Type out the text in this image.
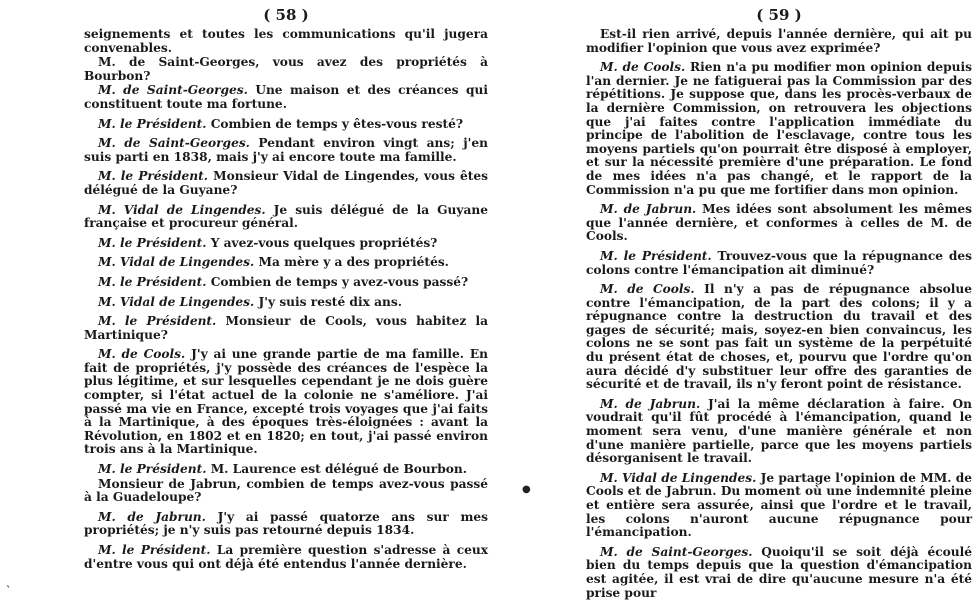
( 58 )

seignements et toutes les communications qu'il jugera convenables.

M. de Saint-Georges, vous avez des propriétés à Bourbon?

M. de Saint-Georges. Une maison et des créances qui constituent toute ma fortune.

M. le Président. Combien de temps y êtes-vous resté?

M. de Saint-Georges. Pendant environ vingt ans; j'en suis parti en 1838, mais j'y ai encore toute ma famille.

M. le Président. Monsieur Vidal de Lingendes, vous êtes délégué de la Guyane?

M. Vidal de Lingendes. Je suis délégué de la Guyane française et procureur général.

M. le Président. Y avez-vous quelques propriétés?

M. Vidal de Lingendes. Ma mère y a des propriétés.

M. le Président. Combien de temps y avez-vous passé?

M. Vidal de Lingendes. J'y suis resté dix ans.

M. le Président. Monsieur de Cools, vous habitez la Martinique?

M. de Cools. J'y ai une grande partie de ma famille. En fait de propriétés, j'y possède des créances de l'espèce la plus légitime, et sur lesquelles cependant je ne dois guère compter, si l'état actuel de la colonie ne s'améliore. J'ai passé ma vie en France, excepté trois voyages que j'ai faits à la Martinique, à des époques très-éloignées : avant la Révolution, en 1802 et en 1820; en tout, j'ai passé environ trois ans à la Martinique.

M. le Président. M. Laurence est délégué de Bourbon.

Monsieur de Jabrun, combien de temps avez-vous passé à la Guadeloupe?

M. de Jabrun. J'y ai passé quatorze ans sur mes propriétés; je n'y suis pas retourné depuis 1834.

M. le Président. La première question s'adresse à ceux d'entre vous qui ont déjà été entendus l'année dernière.

●
`
( 59 )

Est-il rien arrivé, depuis l'année dernière, qui ait pu modifier l'opinion que vous avez exprimée?

M. de Cools. Rien n'a pu modifier mon opinion depuis l'an dernier. Je ne fatiguerai pas la Commission par des répétitions. Je suppose que, dans les procès-verbaux de la dernière Commission, on retrouvera les objections que j'ai faites contre l'application immédiate du principe de l'abolition de l'esclavage, contre tous les moyens partiels qu'on pourrait être disposé à employer, et sur la nécessité première d'une préparation. Le fond de mes idées n'a pas changé, et le rapport de la Commission n'a pu que me fortifier dans mon opinion.

M. de Jabrun. Mes idées sont absolument les mêmes que l'année dernière, et conformes à celles de M. de Cools.

M. le Président. Trouvez-vous que la répugnance des colons contre l'émancipation ait diminué?

M. de Cools. Il n'y a pas de répugnance absolue contre l'émancipation, de la part des colons; il y a répugnance contre la destruction du travail et des gages de sécurité; mais, soyez-en bien convaincus, les colons ne se sont pas fait un système de la perpétuité du présent état de choses, et, pourvu que l'ordre qu'on aura décidé d'y substituer leur offre des garanties de sécurité et de travail, ils n'y feront point de résistance.

M. de Jabrun. J'ai la même déclaration à faire. On voudrait qu'il fût procédé à l'émancipation, quand le moment sera venu, d'une manière générale et non d'une manière partielle, parce que les moyens partiels désorganisent le travail.

M. Vidal de Lingendes. Je partage l'opinion de MM. de Cools et de Jabrun. Du moment où une indemnité pleine et entière sera assurée, ainsi que l'ordre et le travail, les colons n'auront aucune répugnance pour l'émancipation.

M. de Saint-Georges. Quoiqu'il se soit déjà écoulé bien du temps depuis que la question d'émancipation est agitée, il est vrai de dire qu'aucune mesure n'a été prise pour
